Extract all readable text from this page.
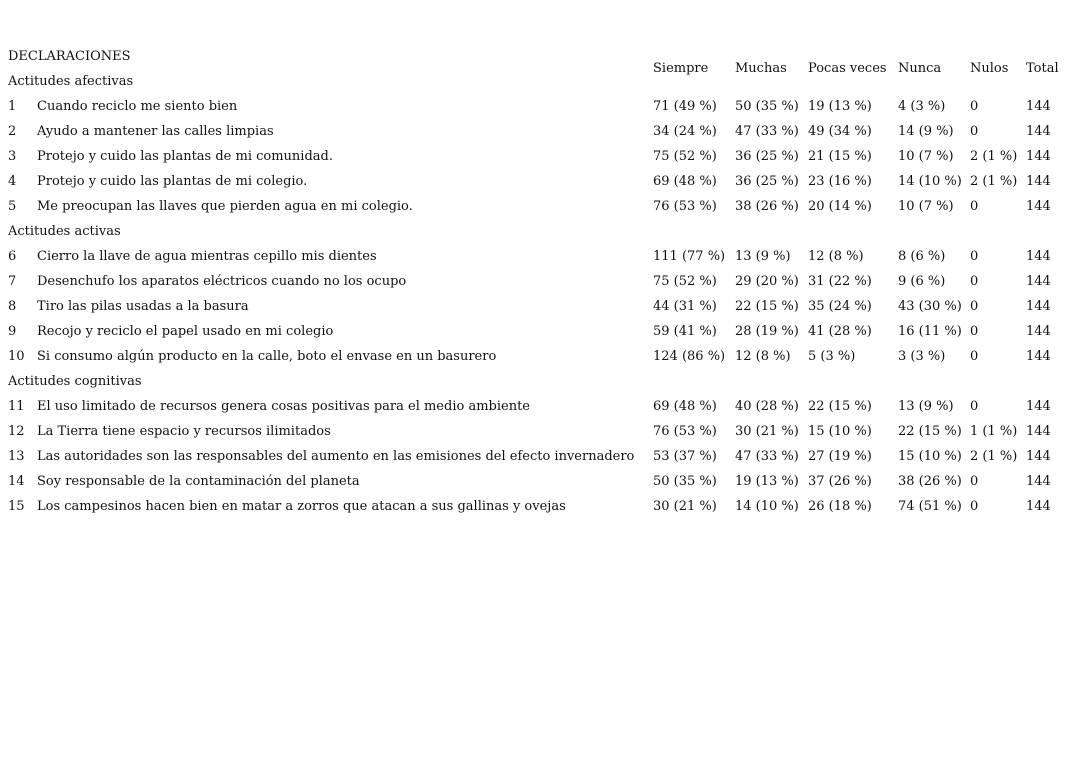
DECLARACIONES
Actitudes afectivas
Siempre Muchas Pocas veces Nunca Nulos Total
1 Cuando reciclo me siento bien	71 (49 %) 50 (35 %) 19 (13 %) 4 (3 %) 0	144
2 Ayudo a mantener las calles limpias	34 (24 %) 47 (33 %) 49 (34 %) 14 (9 %) 0	144
3 Protejo y cuido las plantas de mi comunidad.	75 (52 %) 36 (25 %) 21 (15 %) 10 (7 %) 2 (1 %) 144
4 Protejo y cuido las plantas de mi colegio.	69 (48 %) 36 (25 %) 23 (16 %) 14 (10 %) 2 (1 %) 144
5 Me preocupan las llaves que pierden agua en mi colegio.	76 (53 %) 38 (26 %) 20 (14 %) 10 (7 %) 0	144
Actitudes activas
6 Cierro la llave de agua mientras cepillo mis dientes	111 (77 %) 13 (9 %) 12 (8 %)	8 (6 %) 0	144
7 Desenchufo los aparatos eléctricos cuando no los ocupo	75 (52 %) 29 (20 %) 31 (22 %) 9 (6 %) 0	144
8 Tiro las pilas usadas a la basura	44 (31 %) 22 (15 %) 35 (24 %) 43 (30 %) 0	144
9 Recojo y reciclo el papel usado en mi colegio	59 (41 %) 28 (19 %) 41 (28 %) 16 (11 %) 0	144
10 Si consumo algún producto en la calle, boto el envase en un basurero	124 (86 %) 12 (8 %) 5 (3 %)	3 (3 %) 0	144
Actitudes cognitivas
11 El uso limitado de recursos genera cosas positivas para el medio ambiente	69 (48 %) 40 (28 %) 22 (15 %) 13 (9 %) 0	144
12 La Tierra tiene espacio y recursos ilimitados	76 (53 %) 30 (21 %) 15 (10 %) 22 (15 %) 1 (1 %) 144
13 Las autoridades son las responsables del aumento en las emisiones del efecto invernadero 53 (37 %) 47 (33 %) 27 (19 %) 15 (10 %) 2 (1 %) 144
14 Soy responsable de la contaminación del planeta	50 (35 %) 19 (13 %) 37 (26 %) 38 (26 %) 0	144
15 Los campesinos hacen bien en matar a zorros que atacan a sus gallinas y ovejas	30 (21 %) 14 (10 %) 26 (18 %) 74 (51 %) 0	144
